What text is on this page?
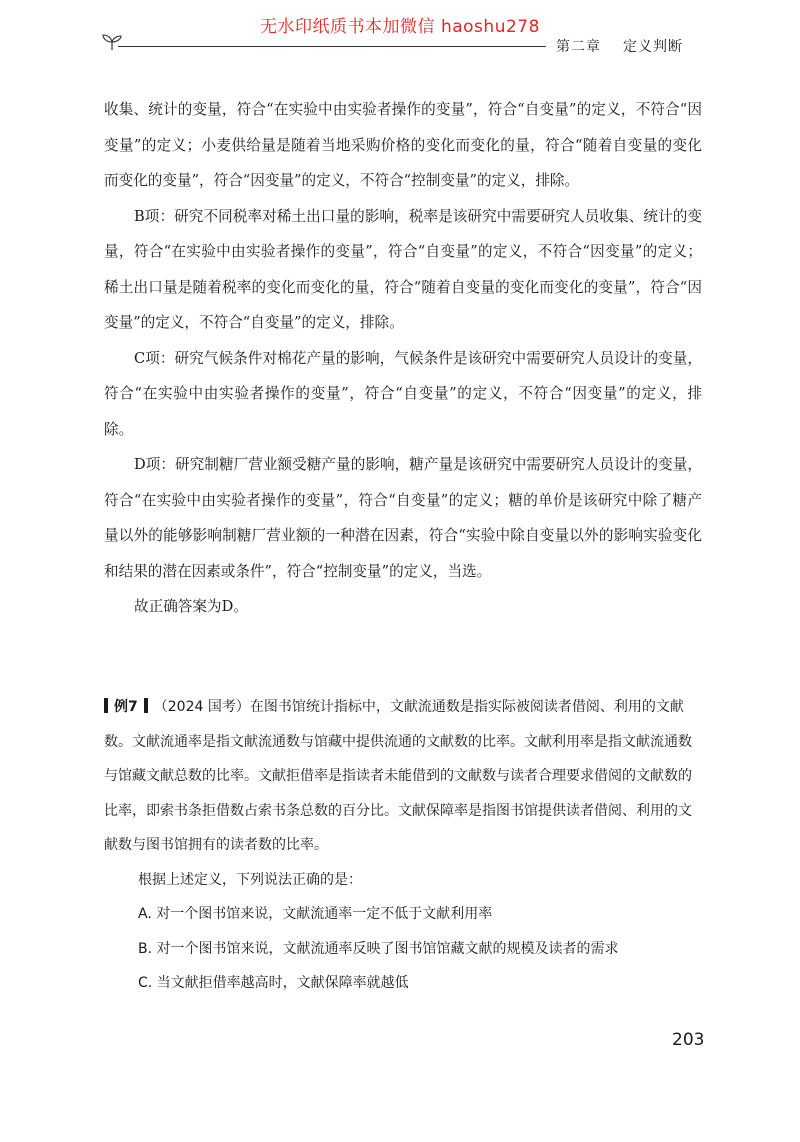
无水印纸质书本加微信 haoshu278
第二章 定义判断

收集、统计的变量，符合“在实验中由实验者操作的变量”，符合“自变量”的定义，不符合“因变量”的定义；小麦供给量是随着当地采购价格的变化而变化的量，符合“随着自变量的变化而变化的变量”，符合“因变量”的定义，不符合“控制变量”的定义，排除。

B项：研究不同税率对稀土出口量的影响，税率是该研究中需要研究人员收集、统计的变量，符合“在实验中由实验者操作的变量”，符合“自变量”的定义，不符合“因变量”的定义；稀土出口量是随着税率的变化而变化的量，符合“随着自变量的变化而变化的变量”，符合“因变量”的定义，不符合“自变量”的定义，排除。

C项：研究气候条件对棉花产量的影响，气候条件是该研究中需要研究人员设计的变量，符合“在实验中由实验者操作的变量”，符合“自变量”的定义，不符合“因变量”的定义，排除。

D项：研究制糖厂营业额受糖产量的影响，糖产量是该研究中需要研究人员设计的变量，符合“在实验中由实验者操作的变量”，符合“自变量”的定义；糖的单价是该研究中除了糖产量以外的能够影响制糖厂营业额的一种潜在因素，符合“实验中除自变量以外的影响实验变化和结果的潜在因素或条件”，符合“控制变量”的定义，当选。

故正确答案为D。

例7 （2024 国考）在图书馆统计指标中，文献流通数是指实际被阅读者借阅、利用的文献数。文献流通率是指文献流通数与馆藏中提供流通的文献数的比率。文献利用率是指文献流通数与馆藏文献总数的比率。文献拒借率是指读者未能借到的文献数与读者合理要求借阅的文献数的比率，即索书条拒借数占索书条总数的百分比。文献保障率是指图书馆提供读者借阅、利用的文献数与图书馆拥有的读者数的比率。

根据上述定义，下列说法正确的是：

A. 对一个图书馆来说，文献流通率一定不低于文献利用率

B. 对一个图书馆来说，文献流通率反映了图书馆馆藏文献的规模及读者的需求

C. 当文献拒借率越高时，文献保障率就越低

203
